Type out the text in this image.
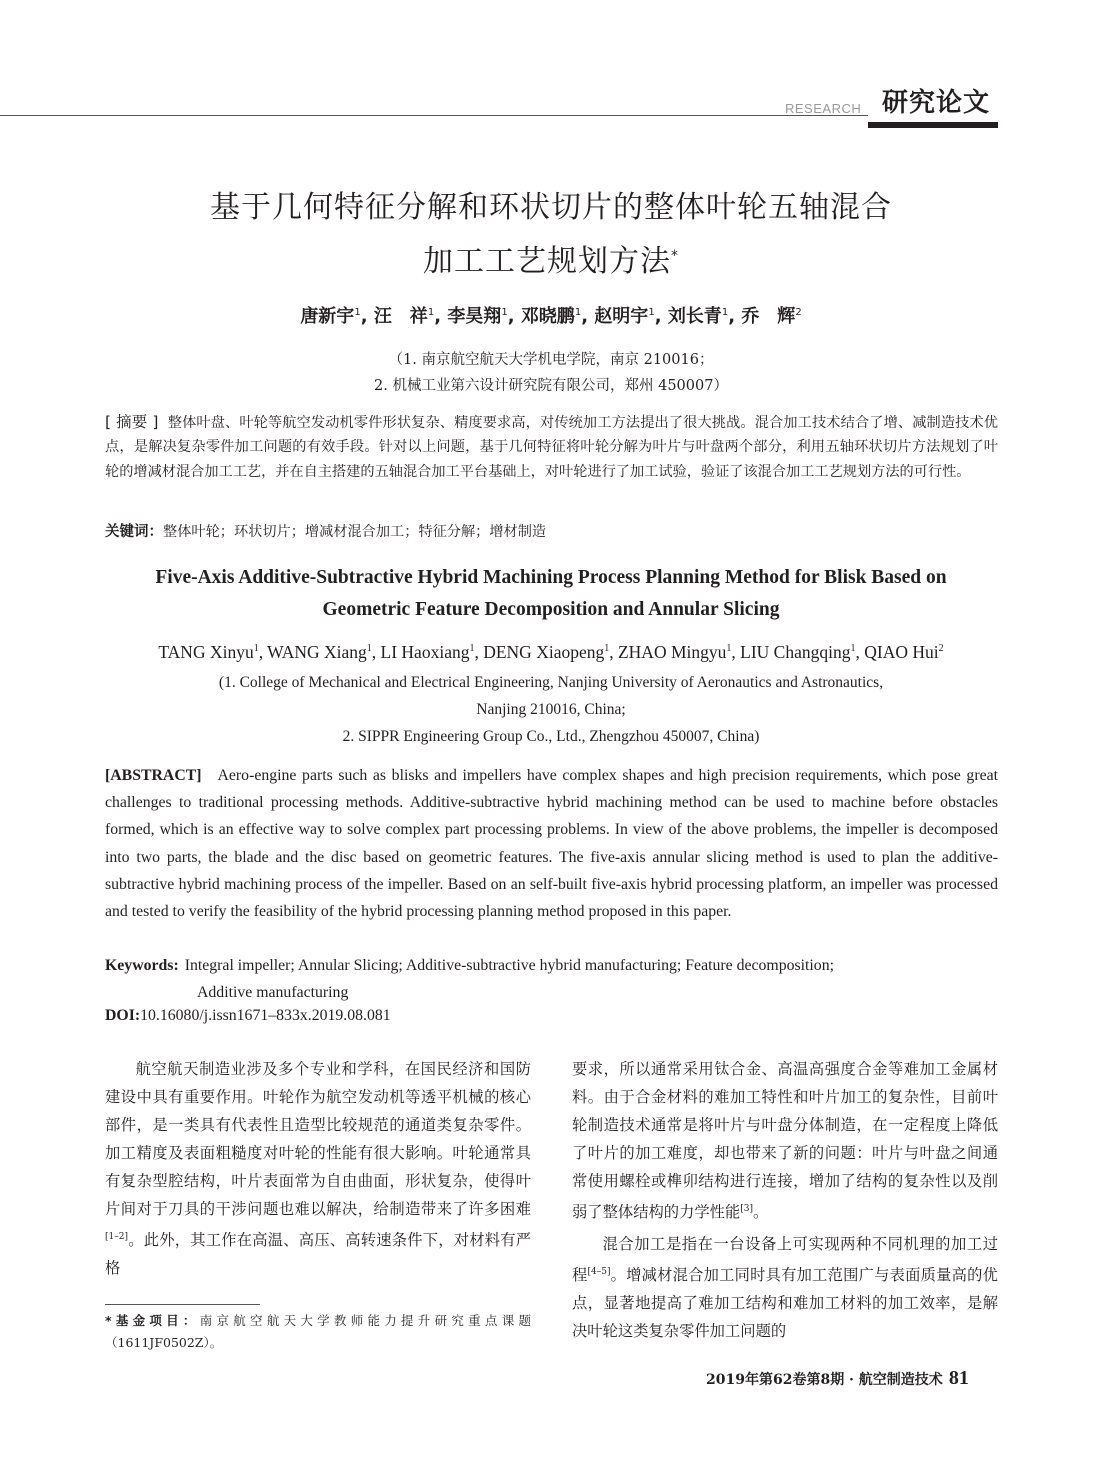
RESEARCH 研究论文
基于几何特征分解和环状切片的整体叶轮五轴混合
加工工艺规划方法*
唐新宇$^1$, 汪　祥$^1$, 李昊翔$^1$, 邓晓鹏$^1$, 赵明宇$^1$, 刘长青$^1$, 乔　辉$^2$
（1. 南京航空航天大学机电学院，南京 210016；
2. 机械工业第六设计研究院有限公司，郑州 450007）
[ 摘要 ] 整体叶盘、叶轮等航空发动机零件形状复杂、精度要求高，对传统加工方法提出了很大挑战。混合加工技术结合了增、减制造技术优点，是解决复杂零件加工问题的有效手段。针对以上问题，基于几何特征将叶轮分解为叶片与叶盘两个部分，利用五轴环状切片方法规划了叶轮的增减材混合加工工艺，并在自主搭建的五轴混合加工平台基础上，对叶轮进行了加工试验，验证了该混合加工工艺规划方法的可行性。
关键词：整体叶轮；环状切片；增减材混合加工；特征分解；增材制造
Five-Axis Additive-Subtractive Hybrid Machining Process Planning Method for Blisk Based on
Geometric Feature Decomposition and Annular Slicing
TANG Xinyu$^1$, WANG Xiang$^1$, LI Haoxiang$^1$, DENG Xiaopeng$^1$, ZHAO Mingyu$^1$, LIU Changqing$^1$, QIAO Hui$^2$
(1. College of Mechanical and Electrical Engineering, Nanjing University of Aeronautics and Astronautics,
Nanjing 210016, China;
2. SIPPR Engineering Group Co., Ltd., Zhengzhou 450007, China)
[ABSTRACT] Aero-engine parts such as blisks and impellers have complex shapes and high precision requirements, which pose great challenges to traditional processing methods. Additive-subtractive hybrid machining method can be used to machine before obstacles formed, which is an effective way to solve complex part processing problems. In view of the above problems, the impeller is decomposed into two parts, the blade and the disc based on geometric features. The five-axis annular slicing method is used to plan the additive-subtractive hybrid machining process of the impeller. Based on an self-built five-axis hybrid processing platform, an impeller was processed and tested to verify the feasibility of the hybrid processing planning method proposed in this paper.
Keywords: Integral impeller; Annular Slicing; Additive-subtractive hybrid manufacturing; Feature decomposition;
Additive manufacturing
DOI:10.16080/j.issn1671–833x.2019.08.081

航空航天制造业涉及多个专业和学科，在国民经济和国防建设中具有重要作用。叶轮作为航空发动机等透平机械的核心部件，是一类具有代表性且造型比较规范的通道类复杂零件。加工精度及表面粗糙度对叶轮的性能有很大影响。叶轮通常具有复杂型腔结构，叶片表面常为自由曲面，形状复杂，使得叶片间对于刀具的干涉问题也难以解决，给制造带来了许多困难[1–2]。此外，其工作在高温、高压、高转速条件下，对材料有严格

要求，所以通常采用钛合金、高温高强度合金等难加工金属材料。由于合金材料的难加工特性和叶片加工的复杂性，目前叶轮制造技术通常是将叶片与叶盘分体制造，在一定程度上降低了叶片的加工难度，却也带来了新的问题：叶片与叶盘之间通常使用螺栓或榫卯结构进行连接，增加了结构的复杂性以及削弱了整体结构的力学性能[3]。

混合加工是指在一台设备上可实现两种不同机理的加工过程[4–5]。增减材混合加工同时具有加工范围广与表面质量高的优点，显著地提高了难加工结构和难加工材料的加工效率，是解决叶轮这类复杂零件加工问题的

*基金项目：南京航空航天大学教师能力提升研究重点课题（1611JF0502Z）。
2019年第62卷第8期 · 航空制造技术 81
